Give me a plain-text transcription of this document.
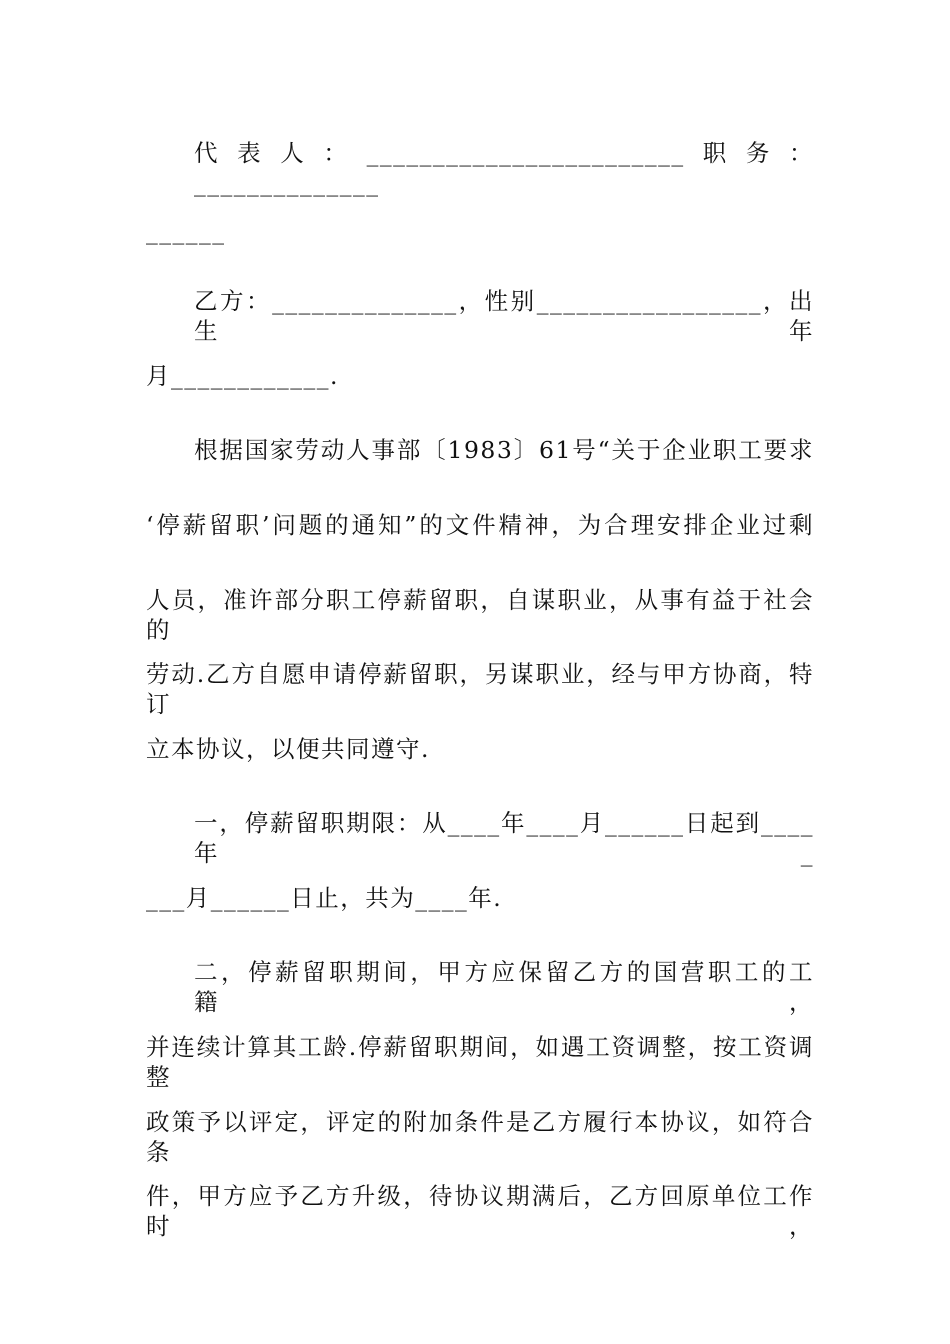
代表人：________________________职务：______________
______
乙方：______________，性别_________________，出生年
月____________.
根据国家劳动人事部〔1983〕61号“关于企业职工要求
‘停薪留职’问题的通知”的文件精神，为合理安排企业过剩
人员，准许部分职工停薪留职，自谋职业，从事有益于社会的
劳动.乙方自愿申请停薪留职，另谋职业，经与甲方协商，特订
立本协议，以便共同遵守.
一，停薪留职期限：从____年____月______日起到____年_
___月______日止，共为____年.
二，停薪留职期间，甲方应保留乙方的国营职工的工籍，
并连续计算其工龄.停薪留职期间，如遇工资调整，按工资调整
政策予以评定，评定的附加条件是乙方履行本协议，如符合条
件，甲方应予乙方升级，待协议期满后，乙方回原单位工作时，
